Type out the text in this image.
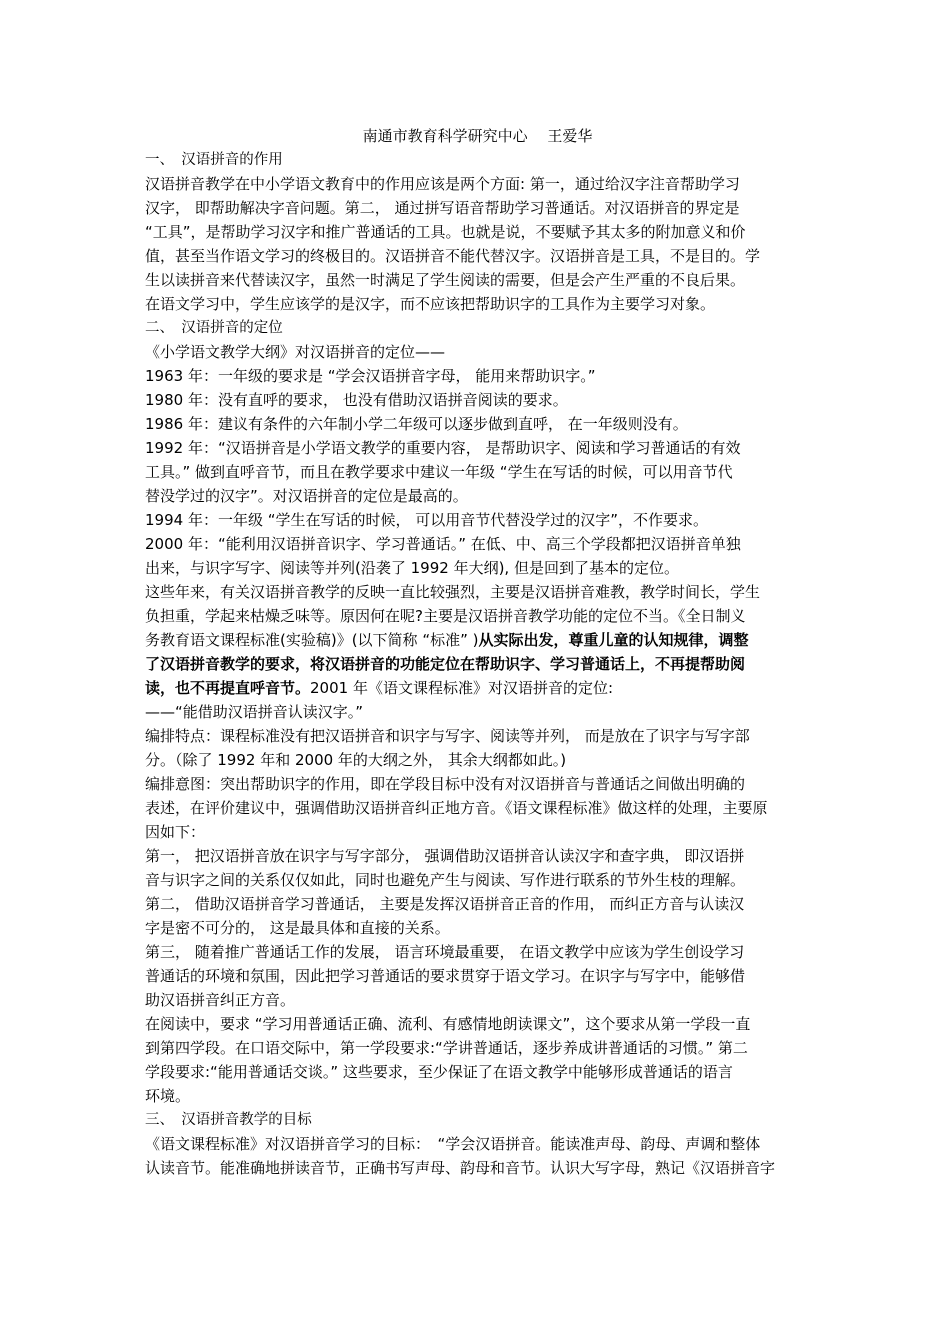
南通市教育科学研究中心　 王爱华
一、　汉语拼音的作用
汉语拼音教学在中小学语文教育中的作用应该是两个方面: 第一，通过给汉字注音帮助学习
汉字， 即帮助解决字音问题。第二， 通过拼写语音帮助学习普通话。对汉语拼音的界定是
“工具”，是帮助学习汉字和推广普通话的工具。也就是说，不要赋予其太多的附加意义和价
值，甚至当作语文学习的终极目的。汉语拼音不能代替汉字。汉语拼音是工具，不是目的。学
生以读拼音来代替读汉字，虽然一时满足了学生阅读的需要，但是会产生严重的不良后果。
在语文学习中，学生应该学的是汉字，而不应该把帮助识字的工具作为主要学习对象。
二、　汉语拼音的定位
《小学语文教学大纲》对汉语拼音的定位——
1963 年：一年级的要求是 “学会汉语拼音字母， 能用来帮助识字。”
1980 年：没有直呼的要求， 也没有借助汉语拼音阅读的要求。
1986 年：建议有条件的六年制小学二年级可以逐步做到直呼， 在一年级则没有。
1992 年：“汉语拼音是小学语文教学的重要内容， 是帮助识字、阅读和学习普通话的有效
工具。” 做到直呼音节，而且在教学要求中建议一年级 “学生在写话的时候，可以用音节代
替没学过的汉字”。对汉语拼音的定位是最高的。
1994 年：一年级 “学生在写话的时候， 可以用音节代替没学过的汉字”，不作要求。
2000 年：“能利用汉语拼音识字、学习普通话。” 在低、中、高三个学段都把汉语拼音单独
出来，与识字写字、阅读等并列(沿袭了 1992 年大纲), 但是回到了基本的定位。
这些年来，有关汉语拼音教学的反映一直比较强烈，主要是汉语拼音难教，教学时间长，学生
负担重，学起来枯燥乏味等。原因何在呢?主要是汉语拼音教学功能的定位不当。《全日制义
务教育语文课程标准(实验稿)》(以下简称 “标准” )从实际出发，尊重儿童的认知规律，调整
了汉语拼音教学的要求，将汉语拼音的功能定位在帮助识字、学习普通话上，不再提帮助阅
读，也不再提直呼音节。2001 年《语文课程标准》对汉语拼音的定位:
——“能借助汉语拼音认读汉字。”
编排特点：课程标准没有把汉语拼音和识字与写字、阅读等并列， 而是放在了识字与写字部
分。（除了 1992 年和 2000 年的大纲之外， 其余大纲都如此。)
编排意图：突出帮助识字的作用，即在学段目标中没有对汉语拼音与普通话之间做出明确的
表述，在评价建议中，强调借助汉语拼音纠正地方音。《语文课程标准》做这样的处理，主要原
因如下：
第一， 把汉语拼音放在识字与写字部分， 强调借助汉语拼音认读汉字和查字典， 即汉语拼
音与识字之间的关系仅仅如此，同时也避免产生与阅读、写作进行联系的节外生枝的理解。
第二， 借助汉语拼音学习普通话， 主要是发挥汉语拼音正音的作用， 而纠正方音与认读汉
字是密不可分的， 这是最具体和直接的关系。
第三， 随着推广普通话工作的发展， 语言环境最重要， 在语文教学中应该为学生创设学习
普通话的环境和氛围，因此把学习普通话的要求贯穿于语文学习。在识字与写字中，能够借
助汉语拼音纠正方音。
在阅读中，要求 “学习用普通话正确、流利、有感情地朗读课文”，这个要求从第一学段一直
到第四学段。在口语交际中，第一学段要求:“学讲普通话，逐步养成讲普通话的习惯。” 第二
学段要求:“能用普通话交谈。” 这些要求，至少保证了在语文教学中能够形成普通话的语言
环境。
三、　汉语拼音教学的目标
《语文课程标准》对汉语拼音学习的目标：　“学会汉语拼音。能读准声母、韵母、声调和整体
认读音节。能准确地拼读音节，正确书写声母、韵母和音节。认识大写字母，熟记《汉语拼音字
